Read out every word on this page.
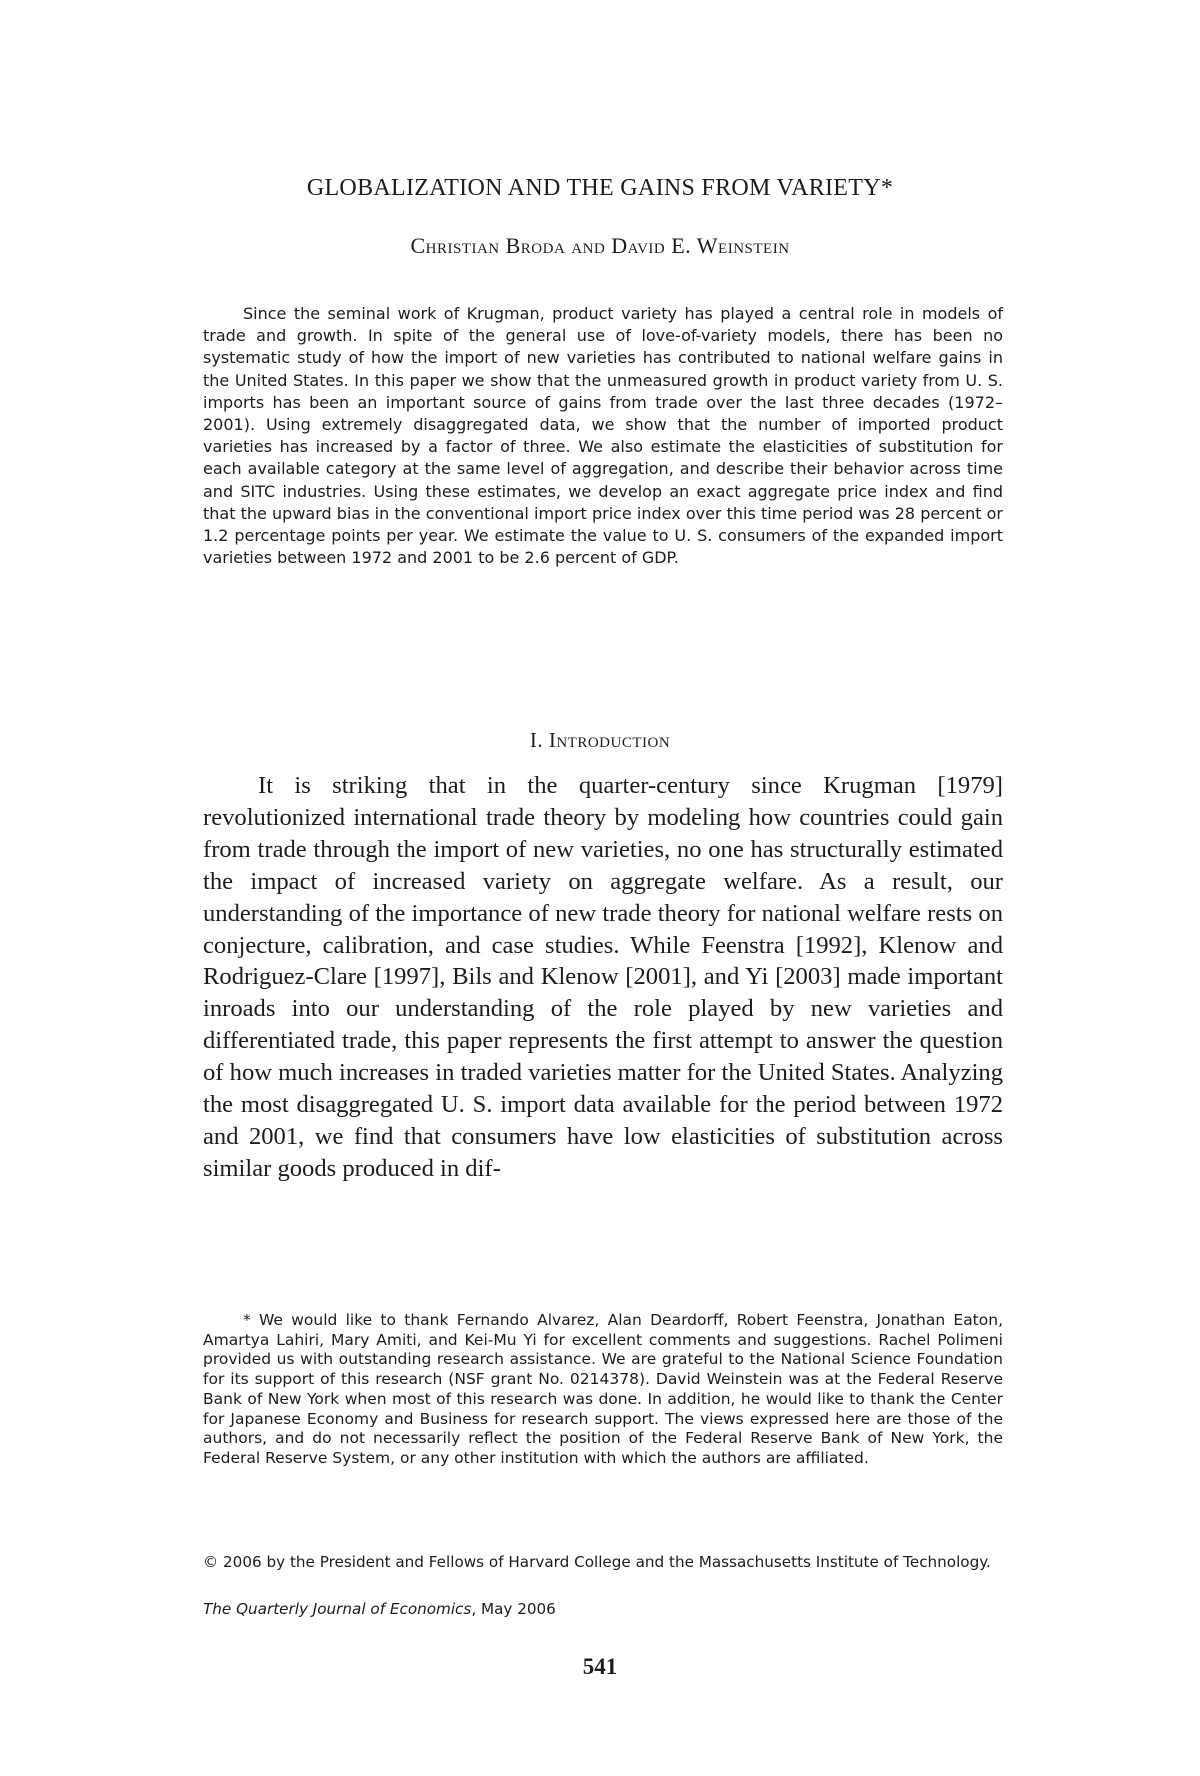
GLOBALIZATION AND THE GAINS FROM VARIETY*

Christian Broda and David E. Weinstein

Since the seminal work of Krugman, product variety has played a central role in models of trade and growth. In spite of the general use of love-of-variety models, there has been no systematic study of how the import of new varieties has contributed to national welfare gains in the United States. In this paper we show that the unmeasured growth in product variety from U. S. imports has been an important source of gains from trade over the last three decades (1972–2001). Using extremely disaggregated data, we show that the number of imported product varieties has increased by a factor of three. We also estimate the elasticities of substitution for each available category at the same level of aggregation, and describe their behavior across time and SITC industries. Using these estimates, we develop an exact aggregate price index and find that the upward bias in the conventional import price index over this time period was 28 percent or 1.2 percentage points per year. We estimate the value to U. S. consumers of the expanded import varieties between 1972 and 2001 to be 2.6 percent of GDP.

I. Introduction

It is striking that in the quarter-century since Krugman [1979] revolutionized international trade theory by modeling how countries could gain from trade through the import of new varieties, no one has structurally estimated the impact of increased variety on aggregate welfare. As a result, our understanding of the importance of new trade theory for national welfare rests on conjecture, calibration, and case studies. While Feenstra [1992], Klenow and Rodriguez-Clare [1997], Bils and Klenow [2001], and Yi [2003] made important inroads into our understanding of the role played by new varieties and differentiated trade, this paper represents the first attempt to answer the question of how much increases in traded varieties matter for the United States. Analyzing the most disaggregated U. S. import data available for the period between 1972 and 2001, we find that consumers have low elasticities of substitution across similar goods produced in dif-

* We would like to thank Fernando Alvarez, Alan Deardorff, Robert Feenstra, Jonathan Eaton, Amartya Lahiri, Mary Amiti, and Kei-Mu Yi for excellent comments and suggestions. Rachel Polimeni provided us with outstanding research assistance. We are grateful to the National Science Foundation for its support of this research (NSF grant No. 0214378). David Weinstein was at the Federal Reserve Bank of New York when most of this research was done. In addition, he would like to thank the Center for Japanese Economy and Business for research support. The views expressed here are those of the authors, and do not necessarily reflect the position of the Federal Reserve Bank of New York, the Federal Reserve System, or any other institution with which the authors are affiliated.

© 2006 by the President and Fellows of Harvard College and the Massachusetts Institute of Technology.

The Quarterly Journal of Economics, May 2006

541
